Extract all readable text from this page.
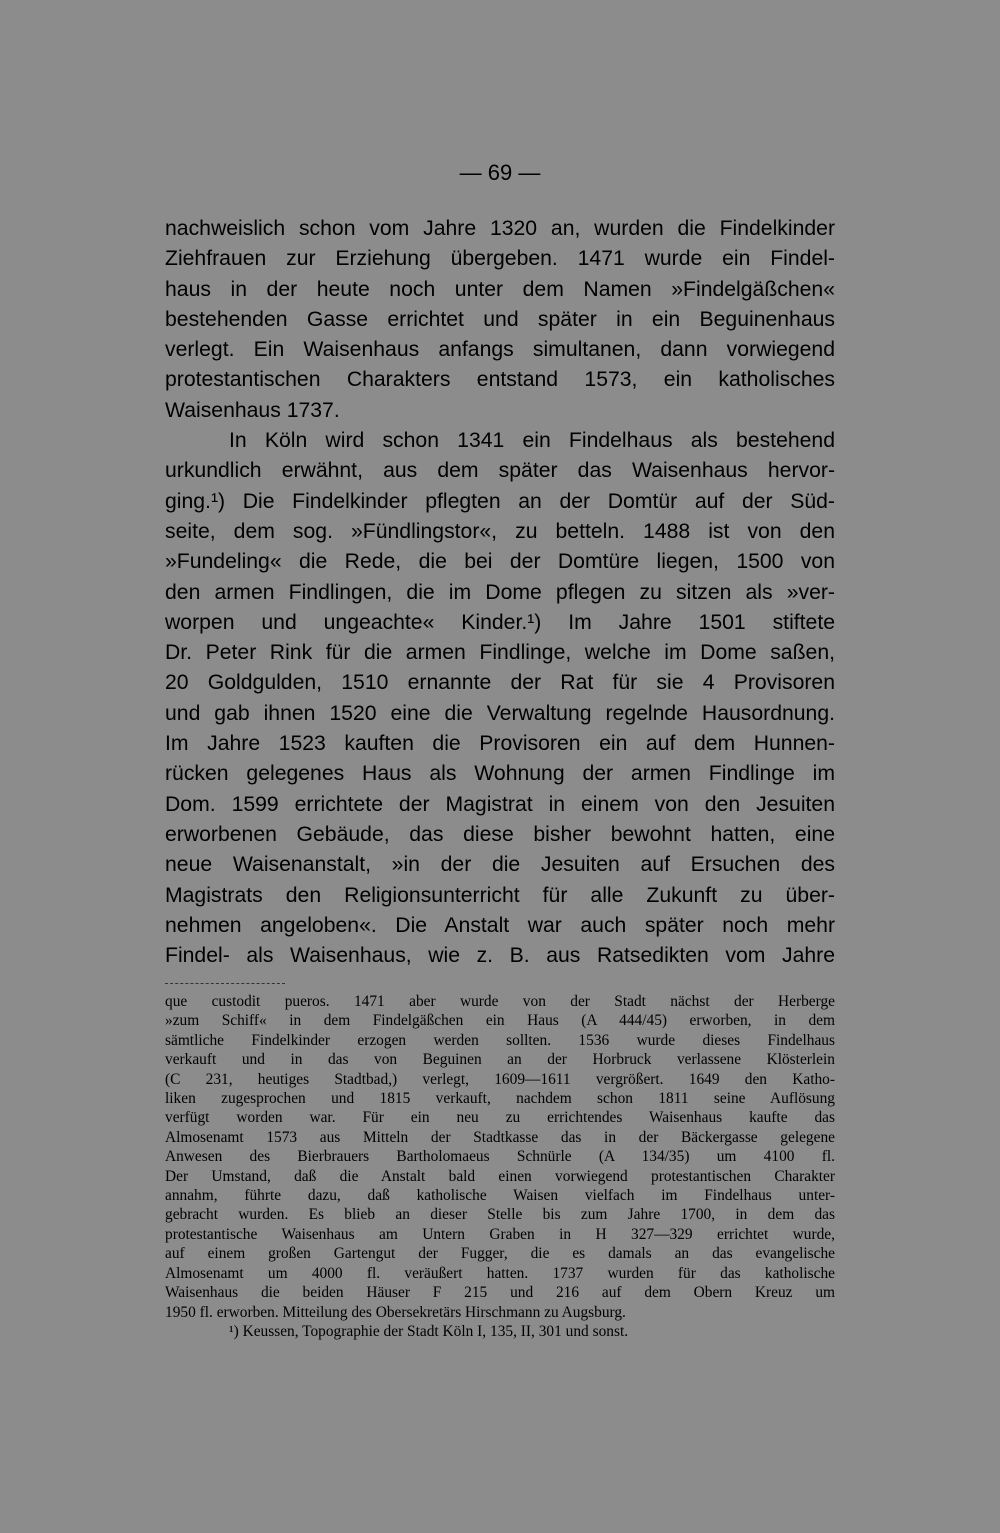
— 69 —
nachweislich schon vom Jahre 1320 an, wurden die Findelkinder
Ziehfrauen zur Erziehung übergeben. 1471 wurde ein Findel-
haus in der heute noch unter dem Namen »Findelgäßchen«
bestehenden Gasse errichtet und später in ein Beguinenhaus
verlegt. Ein Waisenhaus anfangs simultanen, dann vorwiegend
protestantischen Charakters entstand 1573, ein katholisches
Waisenhaus 1737.
In Köln wird schon 1341 ein Findelhaus als bestehend
urkundlich erwähnt, aus dem später das Waisenhaus hervor-
ging.¹) Die Findelkinder pflegten an der Domtür auf der Süd-
seite, dem sog. »Fündlingstor«, zu betteln. 1488 ist von den
»Fundeling« die Rede, die bei der Domtüre liegen, 1500 von
den armen Findlingen, die im Dome pflegen zu sitzen als »ver-
worpen und ungeachte« Kinder.¹) Im Jahre 1501 stiftete
Dr. Peter Rink für die armen Findlinge, welche im Dome saßen,
20 Goldgulden, 1510 ernannte der Rat für sie 4 Provisoren
und gab ihnen 1520 eine die Verwaltung regelnde Hausordnung.
Im Jahre 1523 kauften die Provisoren ein auf dem Hunnen-
rücken gelegenes Haus als Wohnung der armen Findlinge im
Dom. 1599 errichtete der Magistrat in einem von den Jesuiten
erworbenen Gebäude, das diese bisher bewohnt hatten, eine
neue Waisenanstalt, »in der die Jesuiten auf Ersuchen des
Magistrats den Religionsunterricht für alle Zukunft zu über-
nehmen angeloben«. Die Anstalt war auch später noch mehr
Findel- als Waisenhaus, wie z. B. aus Ratsedikten vom Jahre
que custodit pueros. 1471 aber wurde von der Stadt nächst der Herberge
»zum Schiff« in dem Findelgäßchen ein Haus (A 444/45) erworben, in dem
sämtliche Findelkinder erzogen werden sollten. 1536 wurde dieses Findelhaus
verkauft und in das von Beguinen an der Horbruck verlassene Klösterlein
(C 231, heutiges Stadtbad,) verlegt, 1609—1611 vergrößert. 1649 den Katho-
liken zugesprochen und 1815 verkauft, nachdem schon 1811 seine Auflösung
verfügt worden war. Für ein neu zu errichtendes Waisenhaus kaufte das
Almosenamt 1573 aus Mitteln der Stadtkasse das in der Bäckergasse gelegene
Anwesen des Bierbrauers Bartholomaeus Schnürle (A 134/35) um 4100 fl.
Der Umstand, daß die Anstalt bald einen vorwiegend protestantischen Charakter
annahm, führte dazu, daß katholische Waisen vielfach im Findelhaus unter-
gebracht wurden. Es blieb an dieser Stelle bis zum Jahre 1700, in dem das
protestantische Waisenhaus am Untern Graben in H 327—329 errichtet wurde,
auf einem großen Gartengut der Fugger, die es damals an das evangelische
Almosenamt um 4000 fl. veräußert hatten. 1737 wurden für das katholische
Waisenhaus die beiden Häuser F 215 und 216 auf dem Obern Kreuz um
1950 fl. erworben. Mitteilung des Obersekretärs Hirschmann zu Augsburg.
¹) Keussen, Topographie der Stadt Köln I, 135, II, 301 und sonst.
